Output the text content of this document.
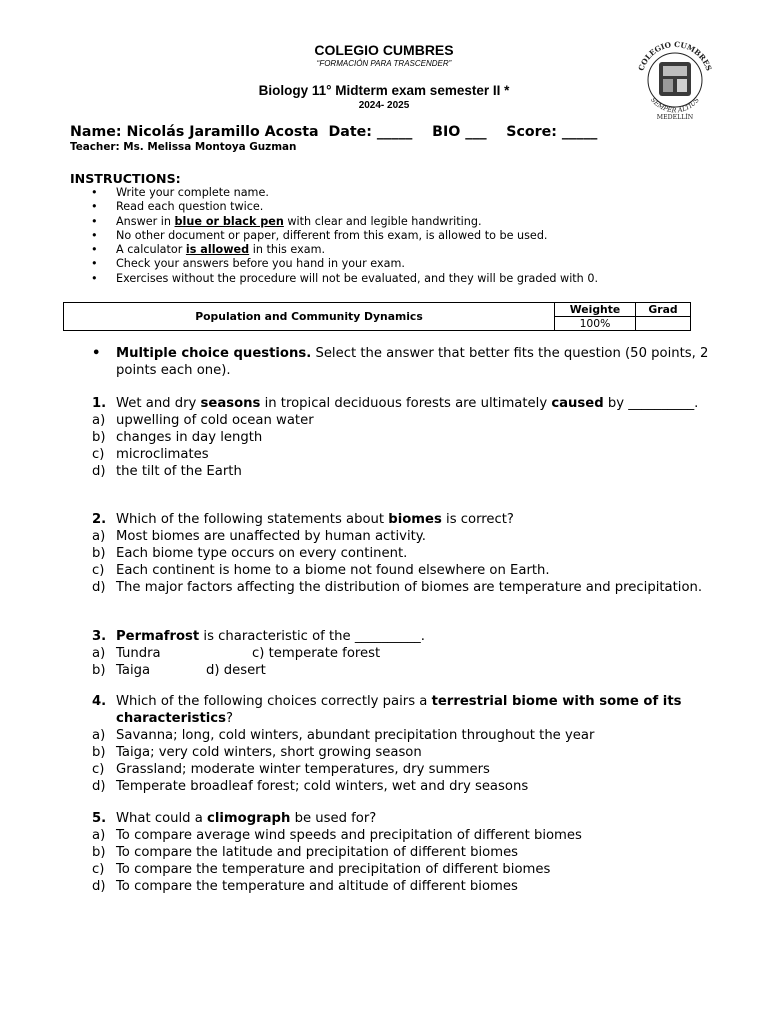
COLEGIO CUMBRES
“FORMACIÓN PARA TRASCENDER”
Biology 11° Midterm exam semester II *
2024- 2025
COLEGIO CUMBRES
SEMPER ALTIUS
MEDELLÍN
Name: Nicolás Jaramillo Acosta Date: _____ BIO ___ Score: _____
Teacher: Ms. Melissa Montoya Guzman
INSTRUCTIONS:
• Write your complete name.
• Read each question twice.
• Answer in blue or black pen with clear and legible handwriting.
• No other document or paper, different from this exam, is allowed to be used.
• A calculator is allowed in this exam.
• Check your answers before you hand in your exam.
• Exercises without the procedure will not be evaluated, and they will be graded with 0.
Population and Community Dynamics	Weighte	Grad
	100%	
• Multiple choice questions. Select the answer that better fits the question (50 points, 2 points each one).
1. Wet and dry seasons in tropical deciduous forests are ultimately caused by __________.
a) upwelling of cold ocean water
b) changes in day length
c) microclimates
d) the tilt of the Earth
2. Which of the following statements about biomes is correct?
a) Most biomes are unaffected by human activity.
b) Each biome type occurs on every continent.
c) Each continent is home to a biome not found elsewhere on Earth.
d) The major factors affecting the distribution of biomes are temperature and precipitation.
3. Permafrost is characteristic of the __________.
a) Tundra	c) temperate forest
b) Taiga	d) desert
4. Which of the following choices correctly pairs a terrestrial biome with some of its characteristics?
a) Savanna; long, cold winters, abundant precipitation throughout the year
b) Taiga; very cold winters, short growing season
c) Grassland; moderate winter temperatures, dry summers
d) Temperate broadleaf forest; cold winters, wet and dry seasons
5. What could a climograph be used for?
a) To compare average wind speeds and precipitation of different biomes
b) To compare the latitude and precipitation of different biomes
c) To compare the temperature and precipitation of different biomes
d) To compare the temperature and altitude of different biomes
